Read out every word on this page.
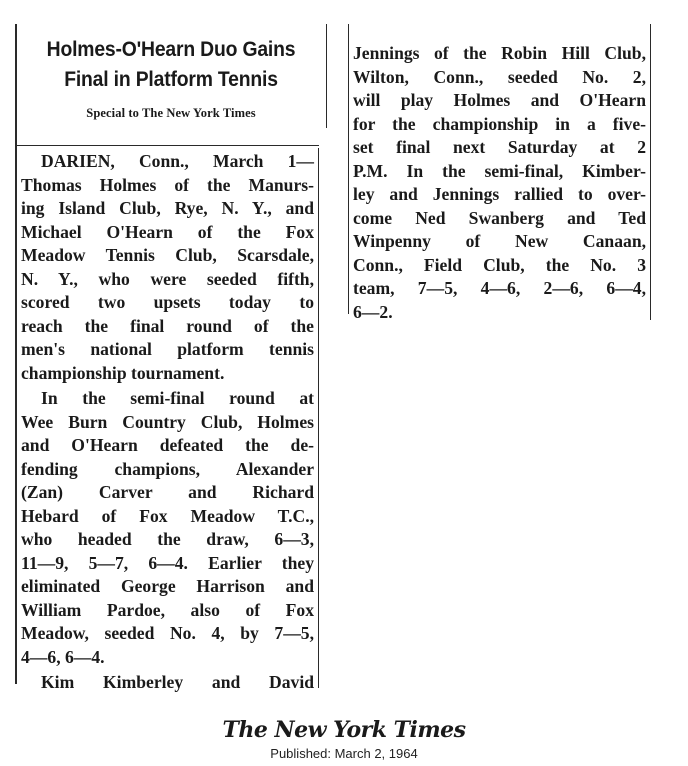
Holmes-O'Hearn Duo Gains
Final in Platform Tennis
Special to The New York Times
DARIEN, Conn., March 1—
Thomas Holmes of the Manurs-
ing Island Club, Rye, N. Y., and
Michael O'Hearn of the Fox
Meadow Tennis Club, Scarsdale,
N. Y., who were seeded fifth,
scored two upsets today to
reach the final round of the
men's national platform tennis
championship tournament.
In the semi-final round at
Wee Burn Country Club, Holmes
and O'Hearn defeated the de-
fending champions, Alexander
(Zan) Carver and Richard
Hebard of Fox Meadow T.C.,
who headed the draw, 6—3,
11—9, 5—7, 6—4. Earlier they
eliminated George Harrison and
William Pardoe, also of Fox
Meadow, seeded No. 4, by 7—5,
4—6, 6—4.
Kim Kimberley and David
Jennings of the Robin Hill Club,
Wilton, Conn., seeded No. 2,
will play Holmes and O'Hearn
for the championship in a five-
set final next Saturday at 2
P.M. In the semi-final, Kimber-
ley and Jennings rallied to over-
come Ned Swanberg and Ted
Winpenny of New Canaan,
Conn., Field Club, the No. 3
team, 7—5, 4—6, 2—6, 6—4,
6—2.
The New York Times
Published: March 2, 1964
